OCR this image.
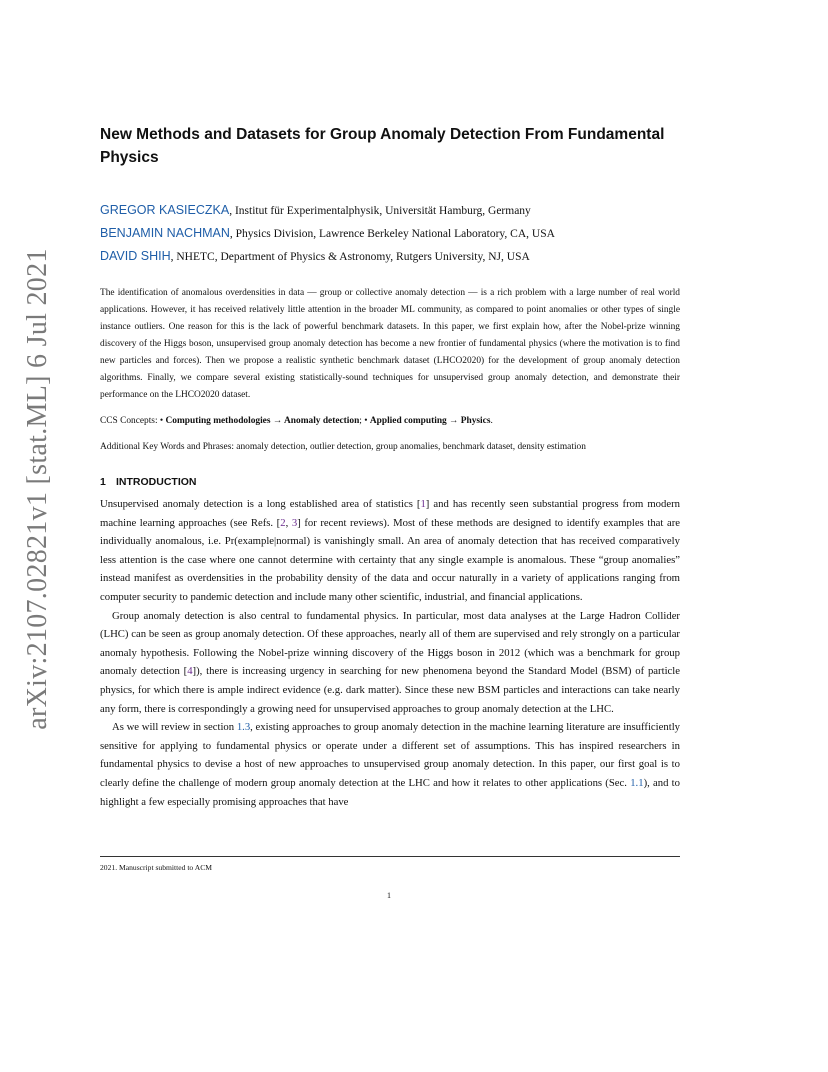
arXiv:2107.02821v1 [stat.ML] 6 Jul 2021
New Methods and Datasets for Group Anomaly Detection From Fundamental Physics
GREGOR KASIECZKA, Institut für Experimentalphysik, Universität Hamburg, Germany
BENJAMIN NACHMAN, Physics Division, Lawrence Berkeley National Laboratory, CA, USA
DAVID SHIH, NHETC, Department of Physics & Astronomy, Rutgers University, NJ, USA

The identification of anomalous overdensities in data — group or collective anomaly detection — is a rich problem with a large number of real world applications. However, it has received relatively little attention in the broader ML community, as compared to point anomalies or other types of single instance outliers. One reason for this is the lack of powerful benchmark datasets. In this paper, we first explain how, after the Nobel-prize winning discovery of the Higgs boson, unsupervised group anomaly detection has become a new frontier of fundamental physics (where the motivation is to find new particles and forces). Then we propose a realistic synthetic benchmark dataset (LHCO2020) for the development of group anomaly detection algorithms. Finally, we compare several existing statistically-sound techniques for unsupervised group anomaly detection, and demonstrate their performance on the LHCO2020 dataset.

CCS Concepts: • Computing methodologies → Anomaly detection; • Applied computing → Physics.
Additional Key Words and Phrases: anomaly detection, outlier detection, group anomalies, benchmark dataset, density estimation
1 INTRODUCTION

Unsupervised anomaly detection is a long established area of statistics [1] and has recently seen substantial progress from modern machine learning approaches (see Refs. [2, 3] for recent reviews). Most of these methods are designed to identify examples that are individually anomalous, i.e. Pr(example|normal) is vanishingly small. An area of anomaly detection that has received comparatively less attention is the case where one cannot determine with certainty that any single example is anomalous. These “group anomalies” instead manifest as overdensities in the probability density of the data and occur naturally in a variety of applications ranging from computer security to pandemic detection and include many other scientific, industrial, and financial applications.

Group anomaly detection is also central to fundamental physics. In particular, most data analyses at the Large Hadron Collider (LHC) can be seen as group anomaly detection. Of these approaches, nearly all of them are supervised and rely strongly on a particular anomaly hypothesis. Following the Nobel-prize winning discovery of the Higgs boson in 2012 (which was a benchmark for group anomaly detection [4]), there is increasing urgency in searching for new phenomena beyond the Standard Model (BSM) of particle physics, for which there is ample indirect evidence (e.g. dark matter). Since these new BSM particles and interactions can take nearly any form, there is correspondingly a growing need for unsupervised approaches to group anomaly detection at the LHC.

As we will review in section 1.3, existing approaches to group anomaly detection in the machine learning literature are insufficiently sensitive for applying to fundamental physics or operate under a different set of assumptions. This has inspired researchers in fundamental physics to devise a host of new approaches to unsupervised group anomaly detection. In this paper, our first goal is to clearly define the challenge of modern group anomaly detection at the LHC and how it relates to other applications (Sec. 1.1), and to highlight a few especially promising approaches that have

2021. Manuscript submitted to ACM
1
